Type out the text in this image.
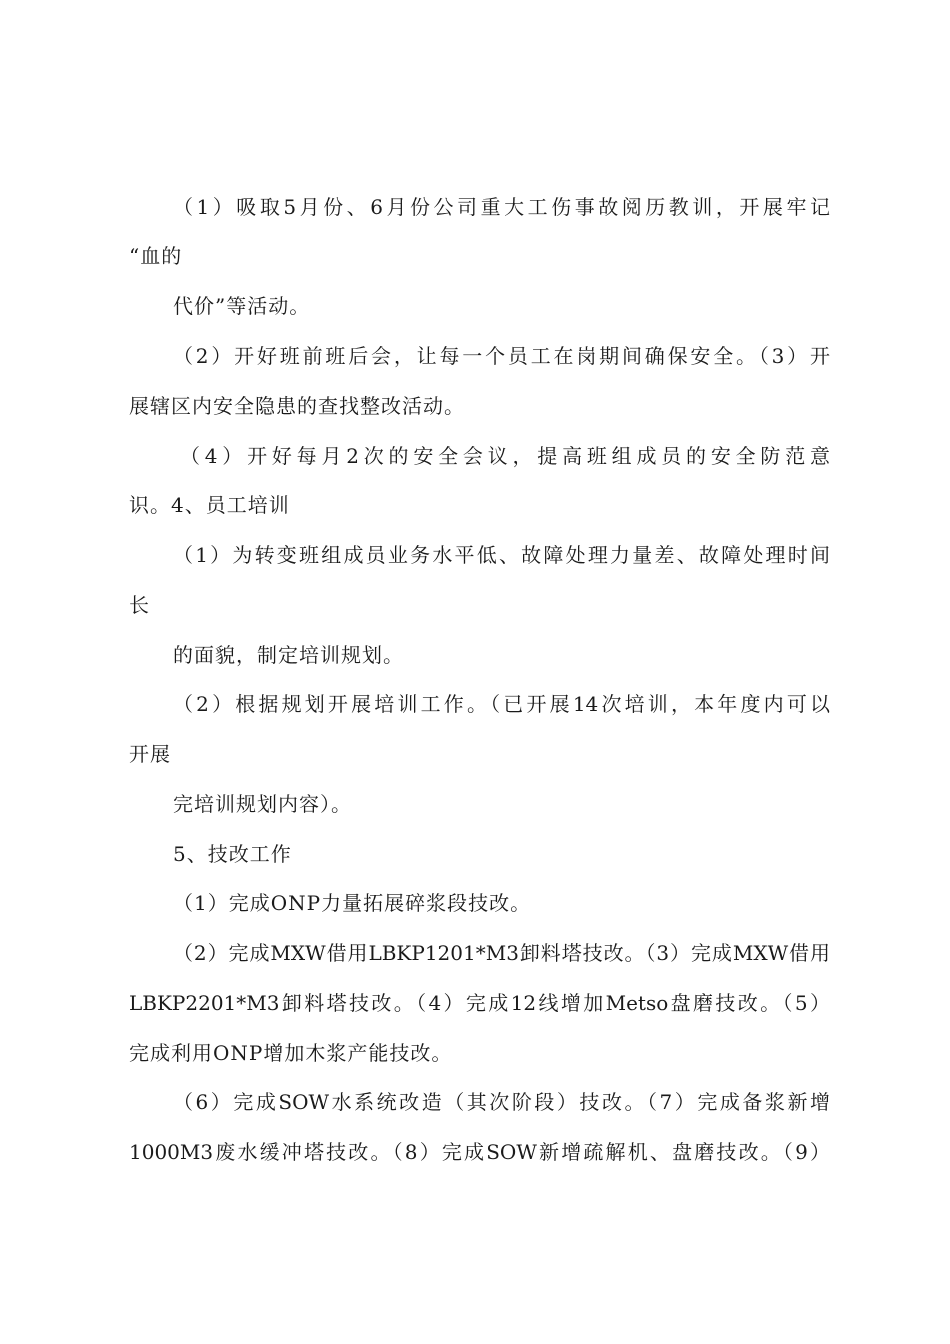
（1）吸取5月份、6月份公司重大工伤事故阅历教训，开展牢记
“血的
代价”等活动。
（2）开好班前班后会，让每一个员工在岗期间确保安全。（3）开
展辖区内安全隐患的查找整改活动。
（4）开好每月2次的安全会议，提高班组成员的安全防范意
识。4、员工培训
（1）为转变班组成员业务水平低、故障处理力量差、故障处理时间
长
的面貌，制定培训规划。
（2）根据规划开展培训工作。（已开展14次培训，本年度内可以
开展
完培训规划内容）。
5、技改工作
（1）完成ONP力量拓展碎浆段技改。
（2）完成MXW借用LBKP1201*M3卸料塔技改。（3）完成MXW借用
LBKP2201*M3卸料塔技改。（4）完成12线增加Metso盘磨技改。（5）
完成利用ONP增加木浆产能技改。
（6）完成SOW水系统改造（其次阶段）技改。（7）完成备浆新增
1000M3废水缓冲塔技改。（8）完成SOW新增疏解机、盘磨技改。（9）
